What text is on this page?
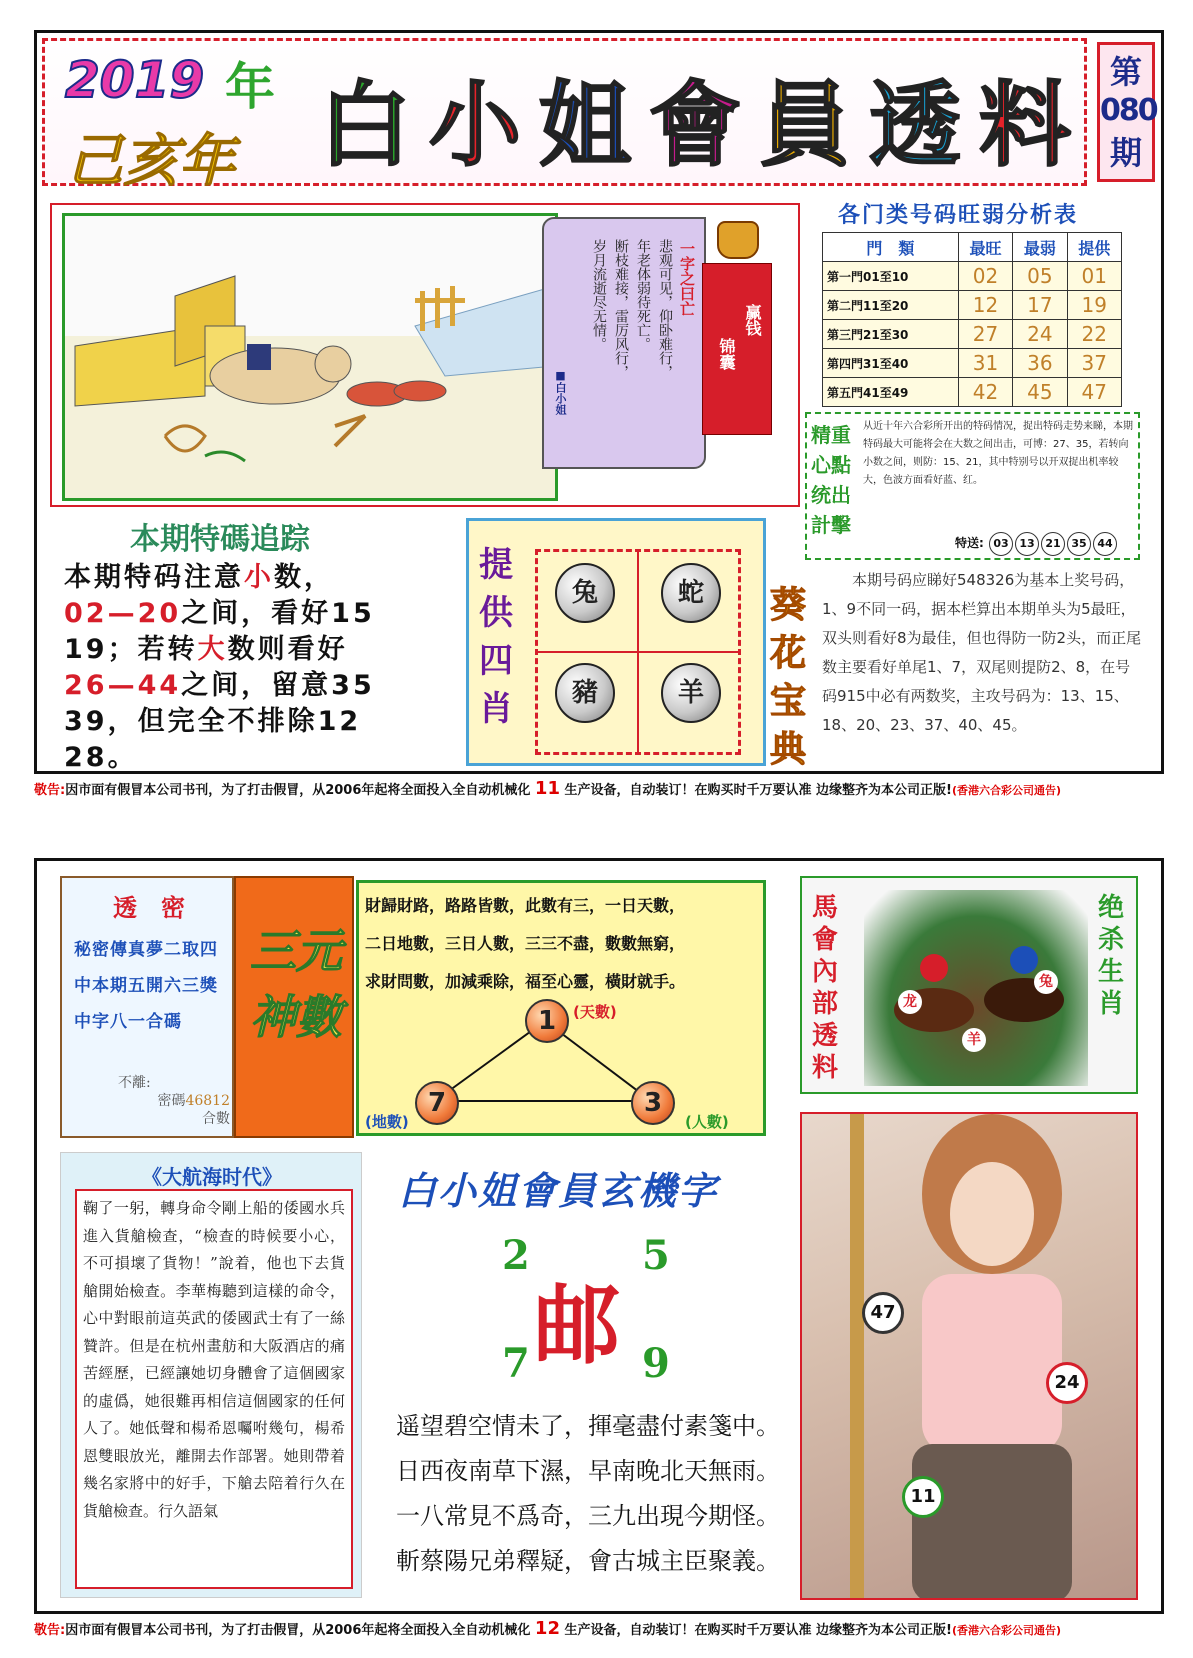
2019 年
己亥年 白 小 姐 會 員 透 料	第
080
期
一字之曰亡
悲观可见，仰卧难行，
年老体弱待死亡。
断枝难接，雷厉风行，
岁月流逝尽无情。
■白小姐
赢钱
锦囊
各门类号码旺弱分析表
門　類	最旺	最弱	提供
第一門01至10	02	05	01
第二門11至20	12	17	19
第三門21至30	27	24	22
第四門31至40	31	36	37
第五門41至49	42	45	47
精重心點统出計擊
从近十年六合彩所开出的特码情况，捉出特码走势来睇，本期特码最大可能将会在大数之间出击，可博：27、35，若转向小数之间，则防：15、21，其中特别号以开双捉出机率较大，色波方面看好蓝、红。
特送: 03 13 21 35 44
本期特碼追踪
本期特码注意小数，
02—20之间，看好15
19；若转大数则看好
26—44之间，留意35
39，但完全不排除12
28。
提供四肖
兔	蛇
豬	羊
葵花宝典
本期号码应睇好548326为基本上奖号码，1、9不同一码，据本栏算出本期单头为5最旺，双头则看好8为最佳，但也得防一防2头，而正尾数主要看好单尾1、7，双尾则提防2、8，在号码915中必有两数奖，主攻号码为：13、15、18、20、23、37、40、45。
敬告:因市面有假冒本公司书刊，为了打击假冒，从2006年起将全面投入全自动机械化 11 生产设备，自动装订！在购买时千万要认准 边缘整齐为本公司正版!(香港六合彩公司通告)
透　密
秘密傳真夢二取四中本期五開六三獎中字八一合碼
不離:
密碼46812
合數
三元神數
財歸財路，路路皆數，此數有三，一日天數，
二日地數，三日人數，三三不盡，數數無窮，
求財問數，加減乘除，福至心靈，橫財就手。
1	(天數)
7
(地數)
3
(人數)
龙
羊
兔
馬會內部透料
绝杀生肖
《大航海时代》
鞠了一躬，轉身命令剛上船的倭國水兵進入貨艙檢查，“檢查的時候要小心，不可損壞了貨物！”說着，他也下去貨艙開始檢查。李華梅聽到這樣的命令，心中對眼前這英武的倭國武士有了一絲贊許。但是在杭州畫舫和大阪酒店的痛苦經歷，已經讓她切身體會了這個國家的虛僞，她很難再相信這個國家的任何人了。她低聲和楊希恩囑咐幾句，楊希恩雙眼放光，離開去作部署。她則帶着幾名家將中的好手，下艙去陪着行久在貨艙檢查。行久語氣
白小姐會員玄機字
2	5
邮
7	9
遥望碧空情未了，揮毫盡付素箋中。
日西夜南草下濕，早南晚北天無雨。
一八常見不爲奇，三九出現今期怪。
斬蔡陽兄弟釋疑，會古城主臣聚義。
47
24
11
敬告:因市面有假冒本公司书刊，为了打击假冒，从2006年起将全面投入全自动机械化 12 生产设备，自动装订！在购买时千万要认准 边缘整齐为本公司正版!(香港六合彩公司通告)
